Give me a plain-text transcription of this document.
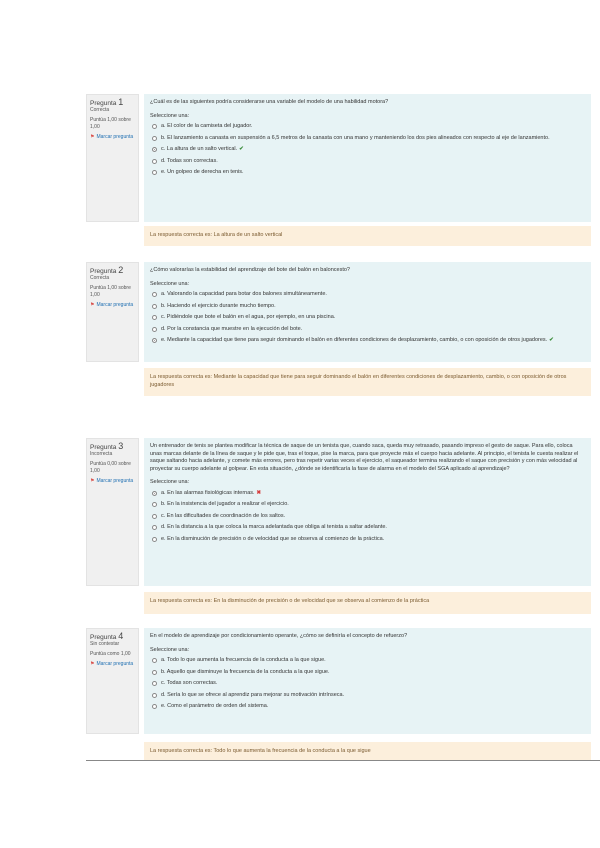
Pregunta 1
Correcta
Puntúa 1,00 sobre 1,00
⚑ Marcar pregunta
¿Cuál es de las siguientes podría considerarse una variable del modelo de una habilidad motora?
Seleccione una:
a. El color de la camiseta del jugador.
b. El lanzamiento a canasta en suspensión a 6,5 metros de la canasta con una mano y manteniendo los dos pies alineados con respecto al eje de lanzamiento.
c. La altura de un salto vertical. ✔
d. Todas son correctas.
e. Un golpeo de derecha en tenis.
La respuesta correcta es: La altura de un salto vertical
Pregunta 2
Correcta
Puntúa 1,00 sobre 1,00
⚑ Marcar pregunta
¿Cómo valorarías la estabilidad del aprendizaje del bote del balón en baloncesto?
Seleccione una:
a. Valorando la capacidad para botar dos balones simultáneamente.
b. Haciendo el ejercicio durante mucho tiempo.
c. Pidiéndole que bote el balón en el agua, por ejemplo, en una piscina.
d. Por la constancia que muestre en la ejecución del bote.
e. Mediante la capacidad que tiene para seguir dominando el balón en diferentes condiciones de desplazamiento, cambio, o con oposición de otros jugadores. ✔
La respuesta correcta es: Mediante la capacidad que tiene para seguir dominando el balón en diferentes condiciones de desplazamiento, cambio, o con oposición de otros jugadores
Pregunta 3
Incorrecta
Puntúa 0,00 sobre 1,00
⚑ Marcar pregunta
Un entrenador de tenis se plantea modificar la técnica de saque de un tenista que, cuando saca, queda muy retrasado, pasando impreso el gesto de saque. Para ello, coloca unas marcas delante de la línea de saque y le pide que, tras el toque, pise la marca, para que proyecte más el cuerpo hacia adelante. Al principio, el tenista le cuesta realizar el saque saltando hacia adelante, y comete más errores, pero tras repetir varias veces el ejercicio, el saqueador termina realizando el saque con precisión y con más velocidad al proyectar su cuerpo adelante al golpear. En esta situación, ¿dónde se identificaría la fase de alarma en el modelo del SGA aplicado al aprendizaje?
Seleccione una:
a. En las alarmas fisiológicas internas. ✖
b. En la insistencia del jugador a realizar el ejercicio.
c. En las dificultades de coordinación de los saltos.
d. En la distancia a la que coloca la marca adelantada que obliga al tenista a saltar adelante.
e. En la disminución de precisión o de velocidad que se observa al comienzo de la práctica.
La respuesta correcta es: En la disminución de precisión o de velocidad que se observa al comienzo de la práctica
Pregunta 4
Sin contestar
Puntúa como 1,00
⚑ Marcar pregunta
En el modelo de aprendizaje por condicionamiento operante, ¿cómo se definiría el concepto de refuerzo?
Seleccione una:
a. Todo lo que aumenta la frecuencia de la conducta a la que sigue.
b. Aquello que disminuye la frecuencia de la conducta a la que sigue.
c. Todas son correctas.
d. Sería lo que se ofrece al aprendiz para mejorar su motivación intrínseca.
e. Como el parámetro de orden del sistema.
La respuesta correcta es: Todo lo que aumenta la frecuencia de la conducta a la que sigue
